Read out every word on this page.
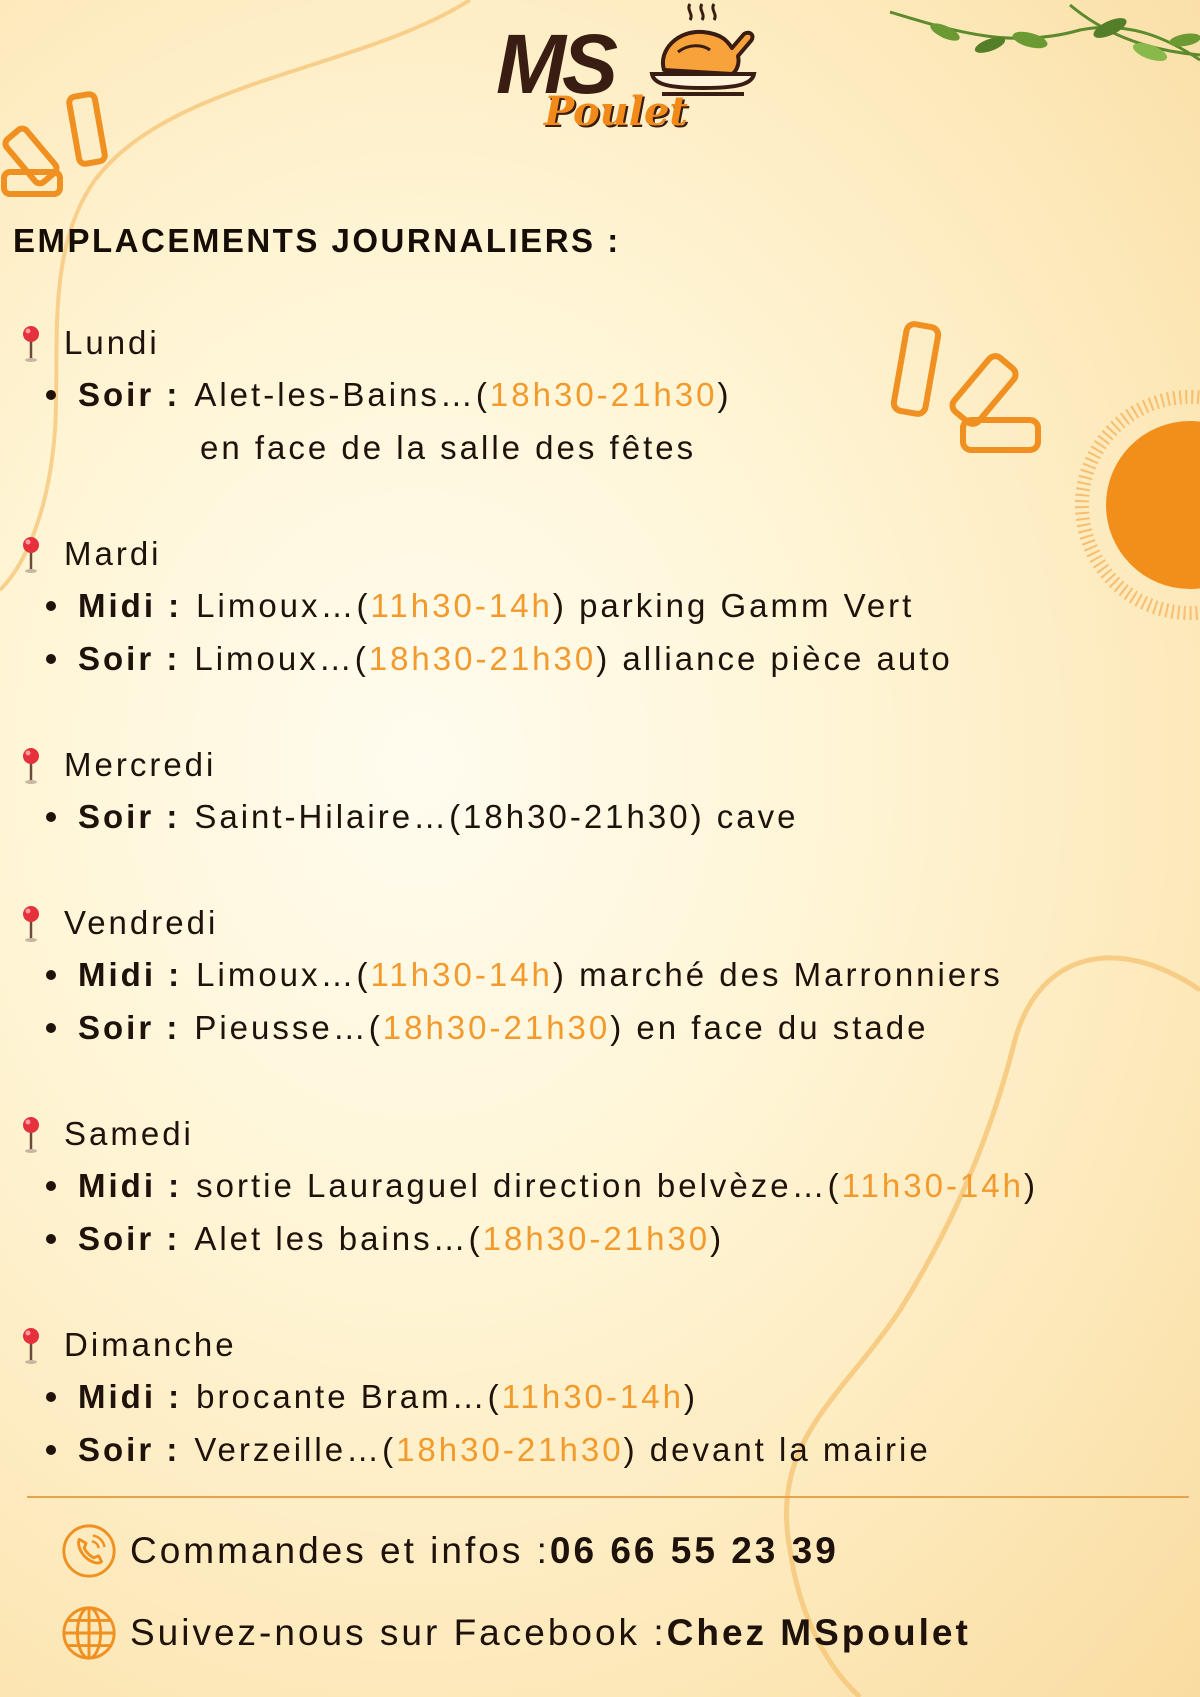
MS
Poulet
EMPLACEMENTS JOURNALIERS :
Lundi
Soir : Alet-les-Bains…( 18h30-21h30 )
en face de la salle des fêtes
Mardi
Midi : Limoux…( 11h30-14h ) parking Gamm Vert
Soir : Limoux…( 18h30-21h30 ) alliance pièce auto
Mercredi
Soir : Saint-Hilaire…(18h30-21h30) cave
Vendredi
Midi : Limoux…( 11h30-14h ) marché des Marronniers
Soir : Pieusse…( 18h30-21h30 ) en face du stade
Samedi
Midi : sortie Lauraguel direction belvèze…( 11h30-14h )
Soir : Alet les bains…( 18h30-21h30 )
Dimanche
Midi : brocante Bram…( 11h30-14h )
Soir : Verzeille…( 18h30-21h30 ) devant la mairie
Commandes et infos : 06 66 55 23 39
Suivez-nous sur Facebook : Chez MSpoulet
